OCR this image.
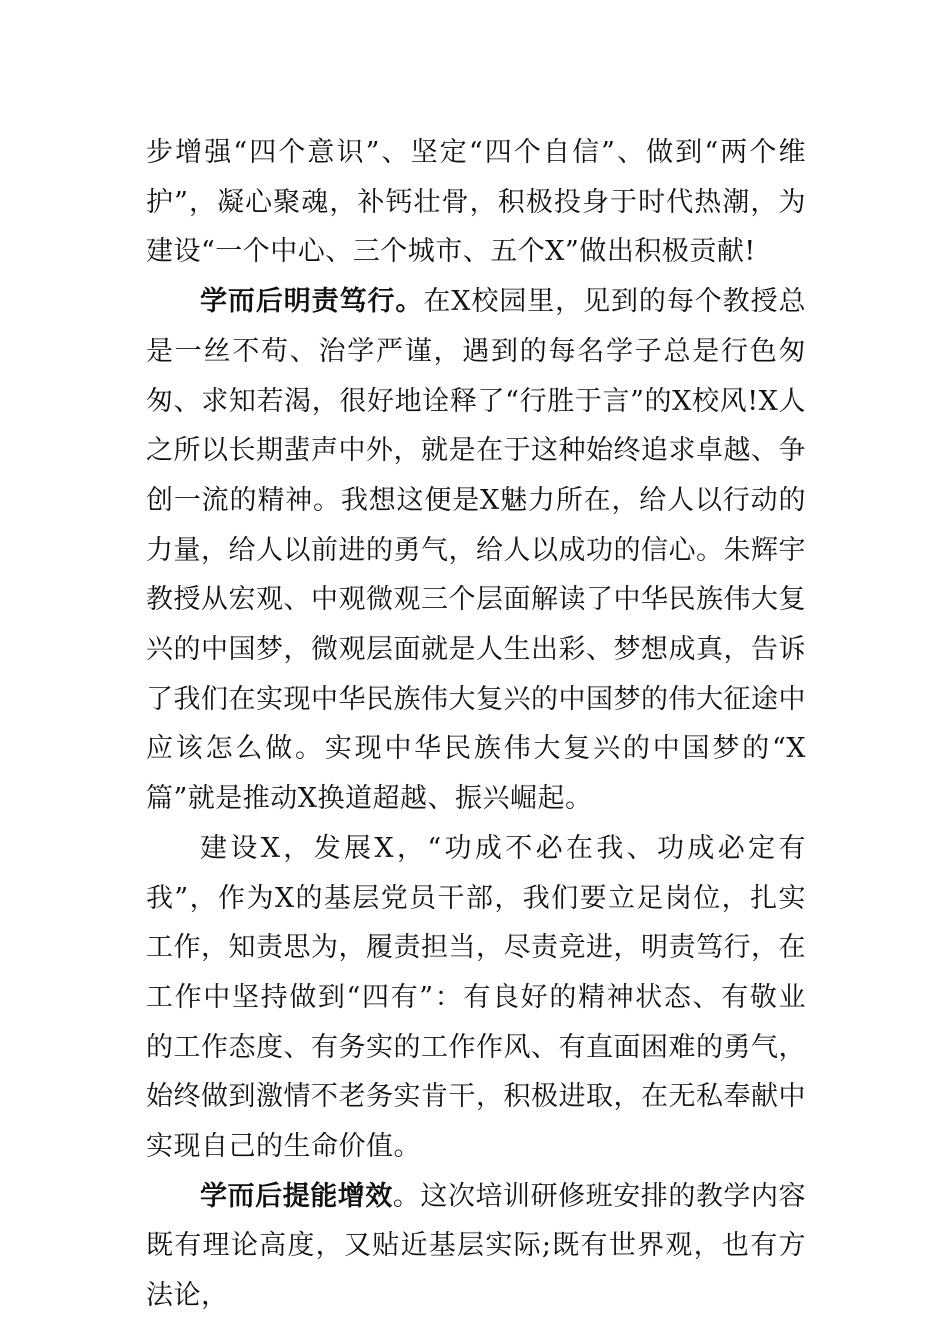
步增强“四个意识”、坚定“四个自信”、做到“两个维护”，凝心聚魂，补钙壮骨，积极投身于时代热潮，为建设“一个中心、三个城市、五个X”做出积极贡献!

学而后明责笃行。在X校园里，见到的每个教授总是一丝不苟、治学严谨，遇到的每名学子总是行色匆匆、求知若渴，很好地诠释了“行胜于言”的X校风!X人之所以长期蜚声中外，就是在于这种始终追求卓越、争创一流的精神。我想这便是X魅力所在，给人以行动的力量，给人以前进的勇气，给人以成功的信心。朱辉宇教授从宏观、中观微观三个层面解读了中华民族伟大复兴的中国梦，微观层面就是人生出彩、梦想成真，告诉了我们在实现中华民族伟大复兴的中国梦的伟大征途中应该怎么做。实现中华民族伟大复兴的中国梦的“X篇”就是推动X换道超越、振兴崛起。

建设X，发展X，“功成不必在我、功成必定有我”，作为X的基层党员干部，我们要立足岗位，扎实工作，知责思为，履责担当，尽责竞进，明责笃行，在工作中坚持做到“四有”：有良好的精神状态、有敬业的工作态度、有务实的工作作风、有直面困难的勇气，始终做到激情不老务实肯干，积极进取，在无私奉献中实现自己的生命价值。

学而后提能增效。这次培训研修班安排的教学内容既有理论高度，又贴近基层实际;既有世界观，也有方法论，
